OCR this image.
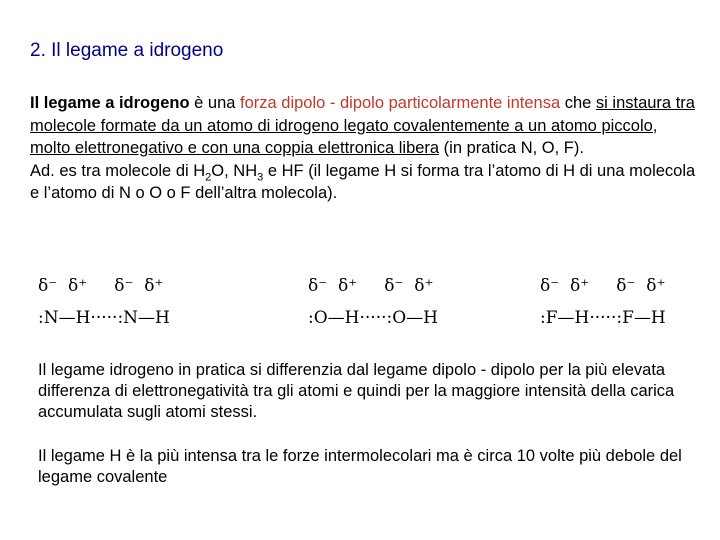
2. Il legame a idrogeno

Il legame a idrogeno è una forza dipolo - dipolo particolarmente intensa che si instaura tra molecole formate da un atomo di idrogeno legato covalentemente a un atomo piccolo, molto elettronegativo e con una coppia elettronica libera (in pratica N, O, F).
Ad. es tra molecole di $H_2O$, $NH_3$ e HF (il legame H si forma tra l’atomo di H di una molecola e l’atomo di N o O o F dell’altra molecola).

δ⁻  δ⁺     δ⁻  δ⁺
:N—H·····:N—H
δ⁻  δ⁺     δ⁻  δ⁺
:O—H·····:O—H
δ⁻  δ⁺     δ⁻  δ⁺
:F—H·····:F—H

Il legame idrogeno in pratica si differenzia dal legame dipolo - dipolo per la più elevata differenza di elettronegatività tra gli atomi e quindi per la maggiore intensità della carica accumulata sugli atomi stessi.

Il legame H è la più intensa tra le forze intermolecolari ma è circa 10 volte più debole del legame covalente
